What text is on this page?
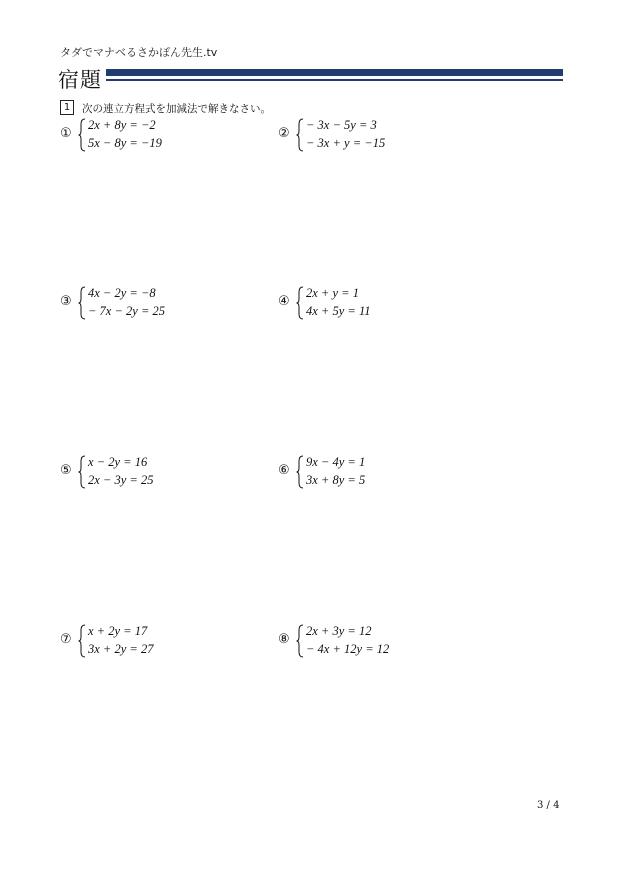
タダでマナベるさかぽん先生.tv
宿題
1	次の連立方程式を加減法で解きなさい。
①
2x + 8y = −2
5x − 8y = −19
②
− 3x − 5y = 3
− 3x + y = −15
③
4x − 2y = −8
− 7x − 2y = 25
④
2x + y = 1
4x + 5y = 11
⑤
x − 2y = 16
2x − 3y = 25
⑥
9x − 4y = 1
3x + 8y = 5
⑦
x + 2y = 17
3x + 2y = 27
⑧
2x + 3y = 12
− 4x + 12y = 12
3 / 4
